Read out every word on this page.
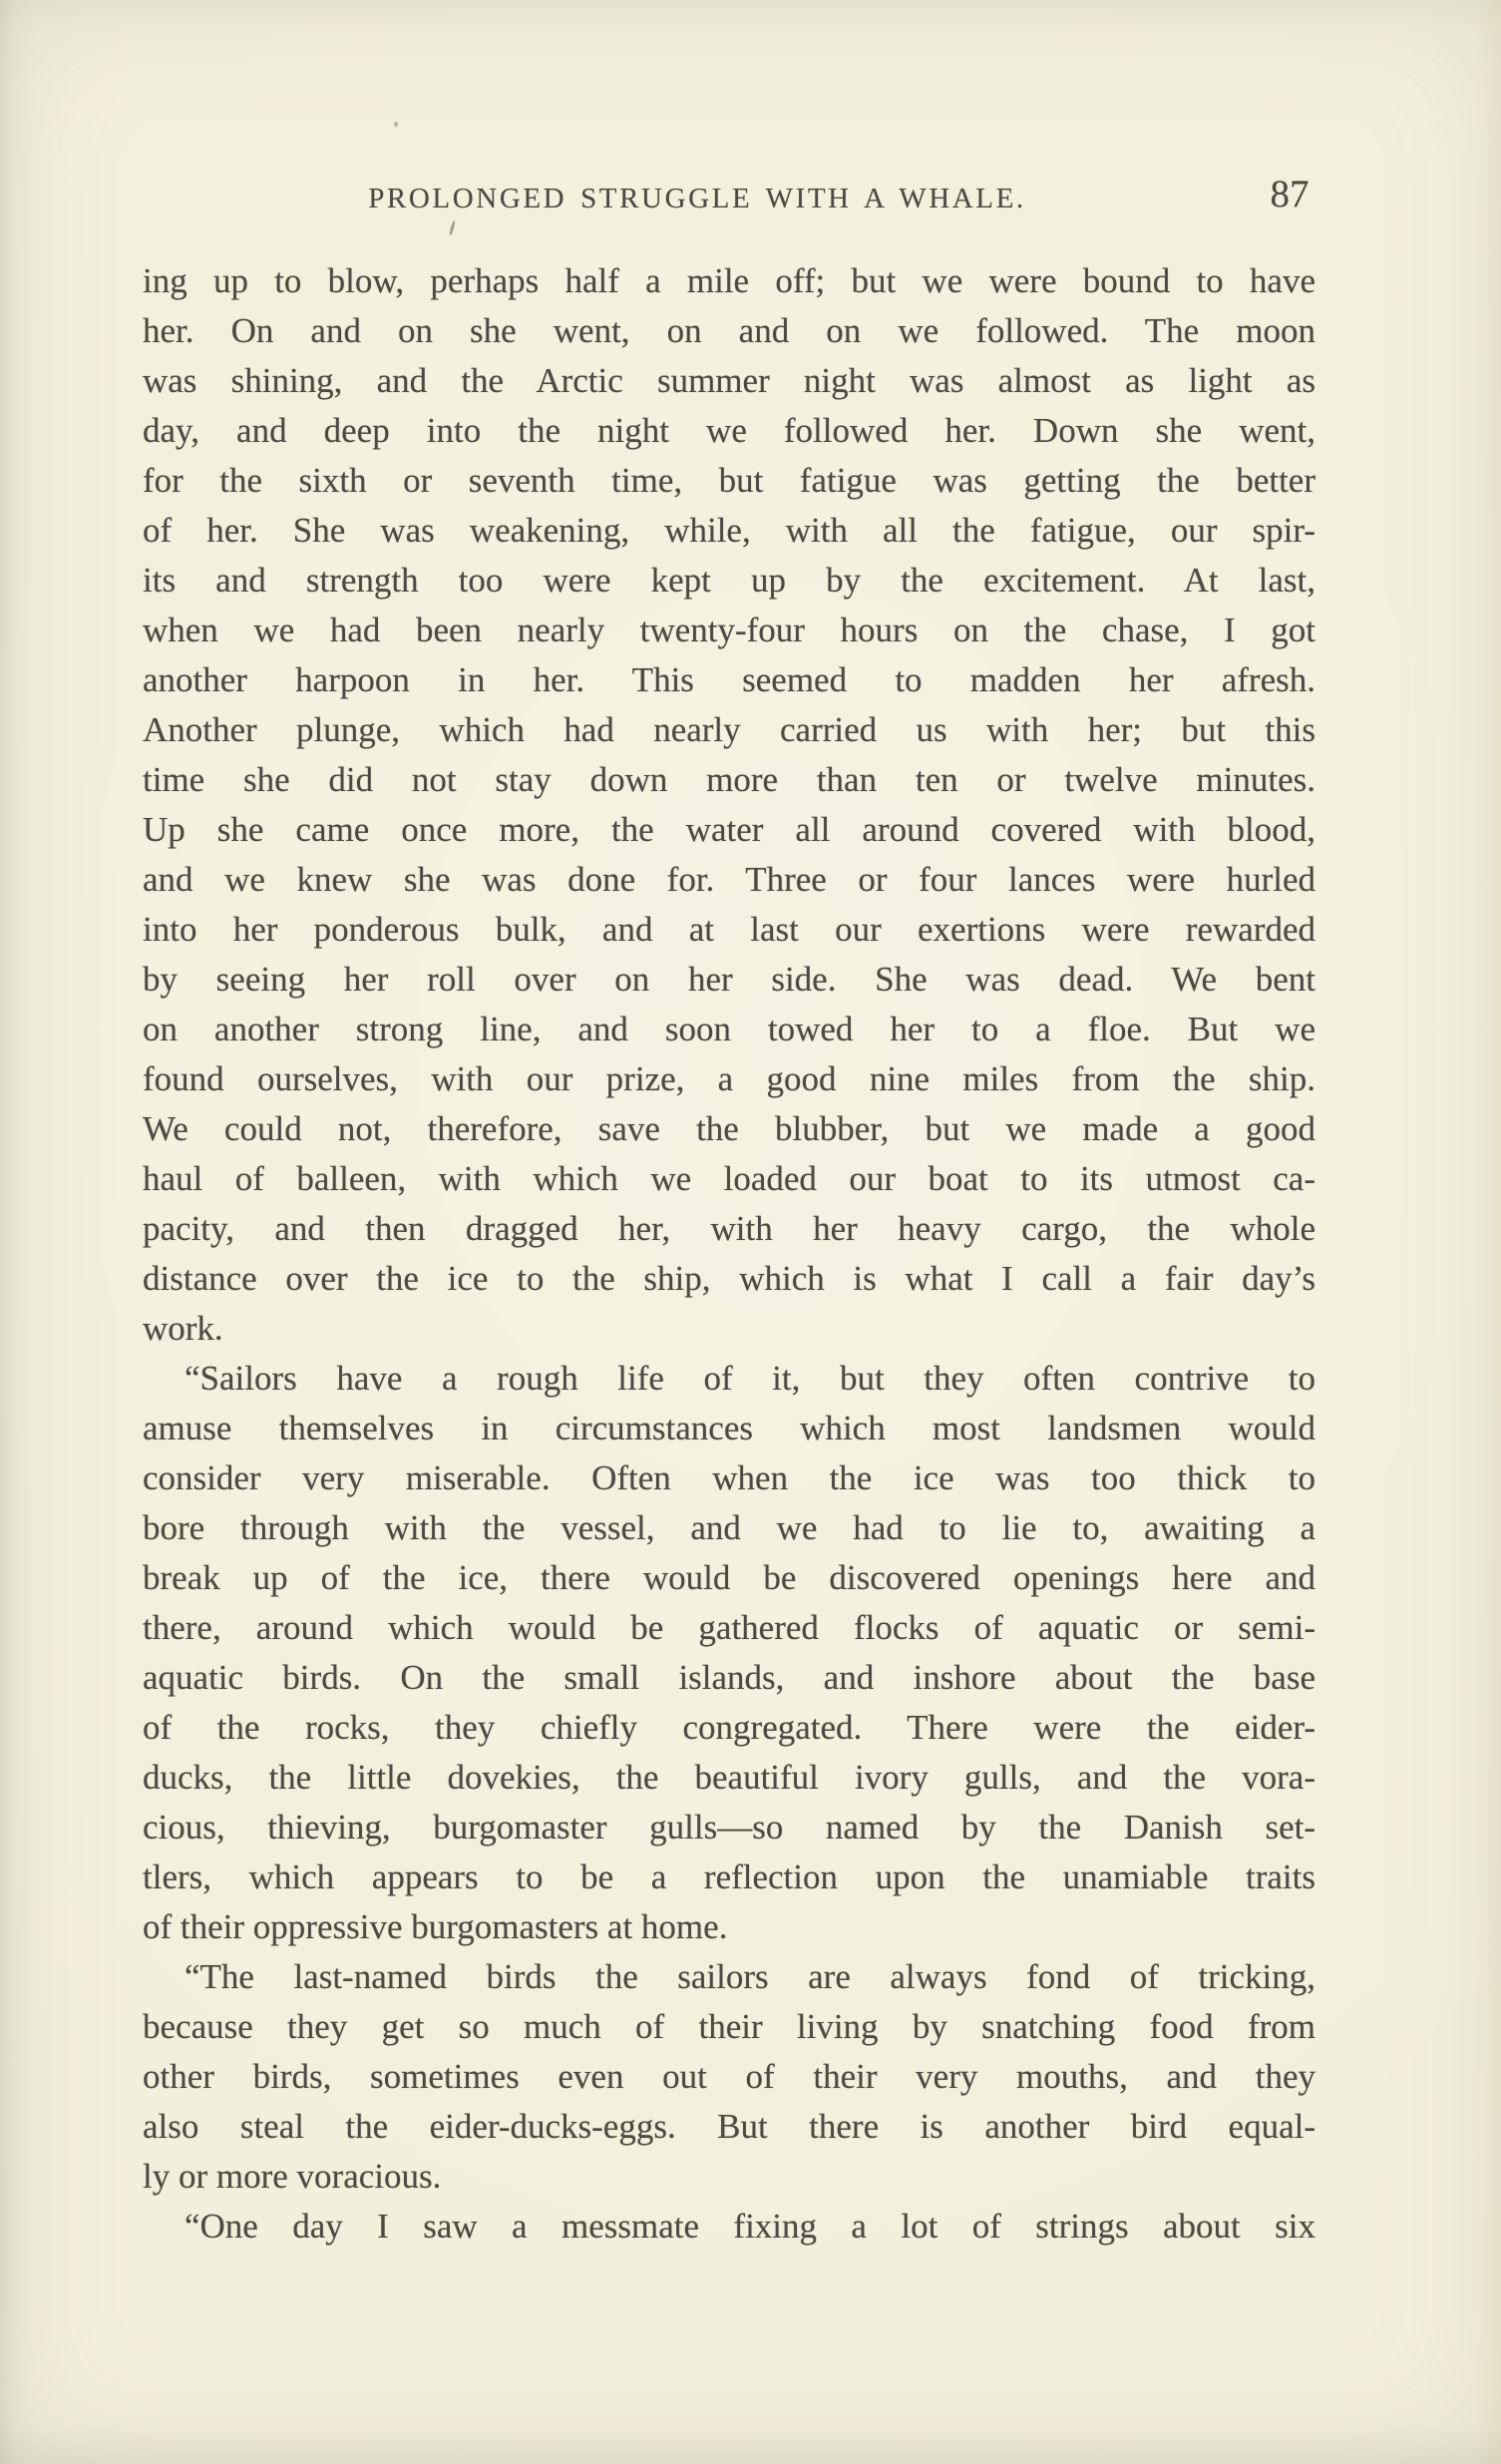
PROLONGED STRUGGLE WITH A WHALE.	87
ing up to blow, perhaps half a mile off; but we were bound to have
her. On and on she went, on and on we followed. The moon
was shining, and the Arctic summer night was almost as light as
day, and deep into the night we followed her. Down she went,
for the sixth or seventh time, but fatigue was getting the better
of her. She was weakening, while, with all the fatigue, our spir-
its and strength too were kept up by the excitement. At last,
when we had been nearly twenty-four hours on the chase, I got
another harpoon in her. This seemed to madden her afresh.
Another plunge, which had nearly carried us with her; but this
time she did not stay down more than ten or twelve minutes.
Up she came once more, the water all around covered with blood,
and we knew she was done for. Three or four lances were hurled
into her ponderous bulk, and at last our exertions were rewarded
by seeing her roll over on her side. She was dead. We bent
on another strong line, and soon towed her to a floe. But we
found ourselves, with our prize, a good nine miles from the ship.
We could not, therefore, save the blubber, but we made a good
haul of balleen, with which we loaded our boat to its utmost ca-
pacity, and then dragged her, with her heavy cargo, the whole
distance over the ice to the ship, which is what I call a fair day’s
work.
“Sailors have a rough life of it, but they often contrive to
amuse themselves in circumstances which most landsmen would
consider very miserable. Often when the ice was too thick to
bore through with the vessel, and we had to lie to, awaiting a
break up of the ice, there would be discovered openings here and
there, around which would be gathered flocks of aquatic or semi-
aquatic birds. On the small islands, and inshore about the base
of the rocks, they chiefly congregated. There were the eider-
ducks, the little dovekies, the beautiful ivory gulls, and the vora-
cious, thieving, burgomaster gulls—so named by the Danish set-
tlers, which appears to be a reflection upon the unamiable traits
of their oppressive burgomasters at home.
“The last-named birds the sailors are always fond of tricking,
because they get so much of their living by snatching food from
other birds, sometimes even out of their very mouths, and they
also steal the eider-ducks-eggs. But there is another bird equal-
ly or more voracious.
“One day I saw a messmate fixing a lot of strings about six
